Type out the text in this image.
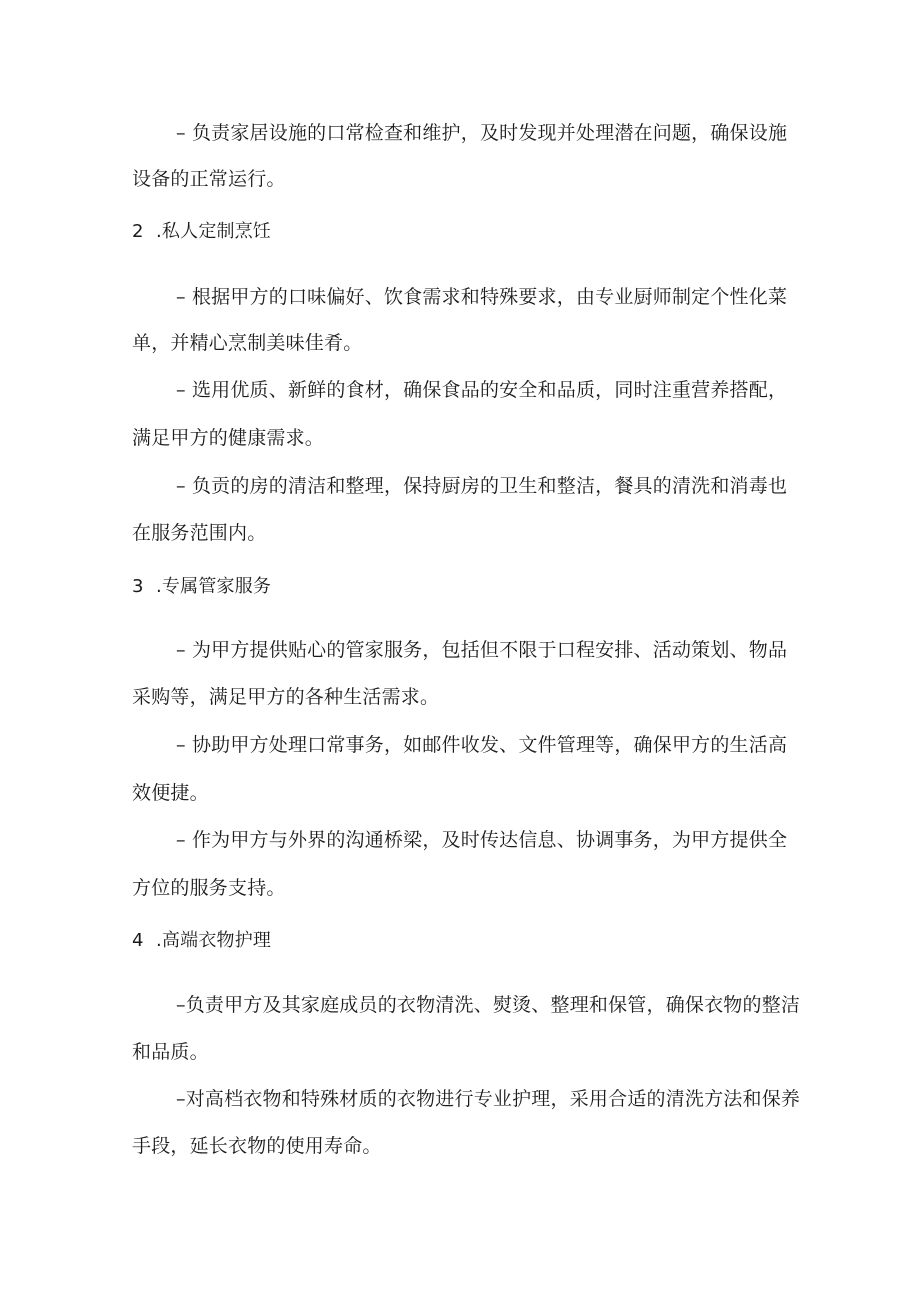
– 负责家居设施的口常检查和维护，及时发现并处理潜在问题，确保设施
设备的正常运行。
2 .私人定制烹饪
– 根据甲方的口味偏好、饮食需求和特殊要求，由专业厨师制定个性化菜
单，并精心烹制美味佳肴。
– 选用优质、新鲜的食材，确保食品的安全和品质，同时注重营养搭配，
满足甲方的健康需求。
– 负贡的房的清洁和整理，保持厨房的卫生和整洁，餐具的清洗和消毒也
在服务范围内。
3 .专属管家服务
– 为甲方提供贴心的管家服务，包括但不限于口程安排、活动策划、物品
采购等，满足甲方的各种生活需求。
– 协助甲方处理口常事务，如邮件收发、文件管理等，确保甲方的生活高
效便捷。
– 作为甲方与外界的沟通桥梁，及时传达信息、协调事务，为甲方提供全
方位的服务支持。
4 .高端衣物护理
–负责甲方及其家庭成员的衣物清洗、熨烫、整理和保管，确保衣物的整洁
和品质。
–对高档衣物和特殊材质的衣物进行专业护理，采用合适的清洗方法和保养
手段，延长衣物的使用寿命。
